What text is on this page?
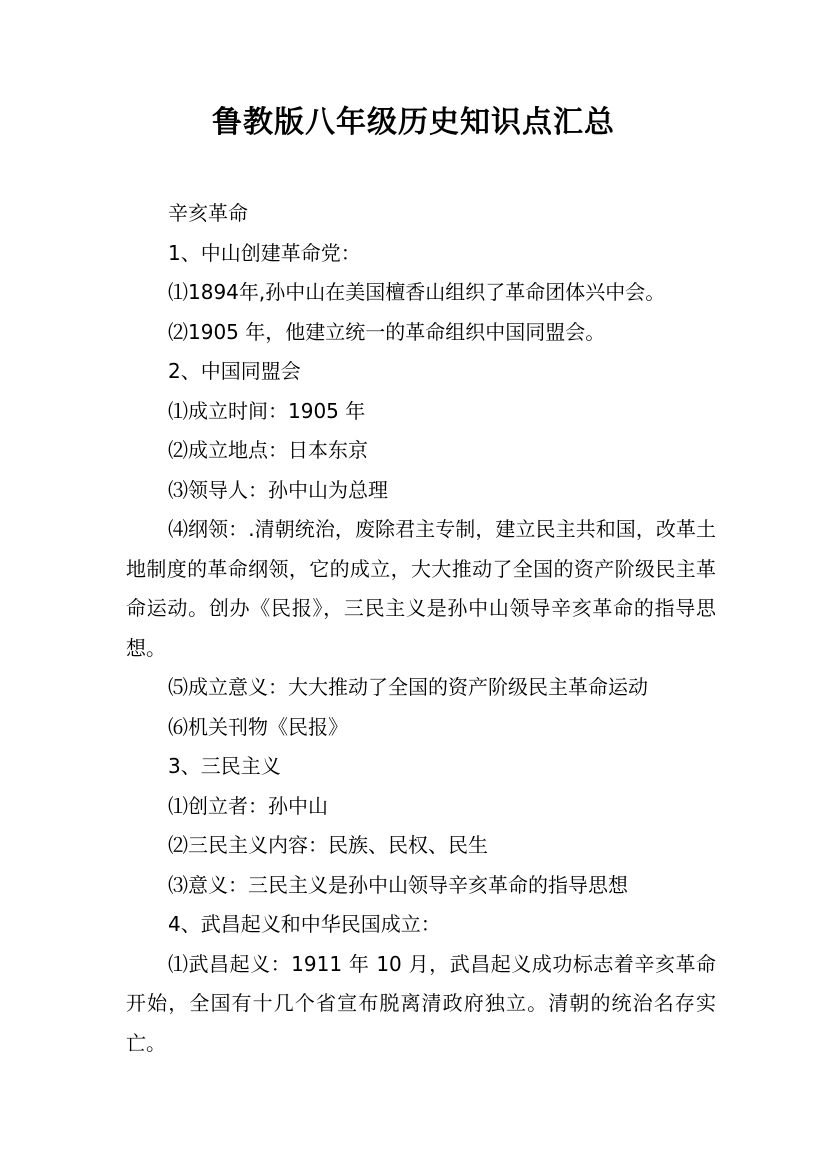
鲁教版八年级历史知识点汇总
辛亥革命
1、中山创建革命党：
⑴1894年,孙中山在美国檀香山组织了革命团体兴中会。
⑵1905 年，他建立统一的革命组织中国同盟会。
2、中国同盟会
⑴成立时间：1905 年
⑵成立地点：日本东京
⑶领导人：孙中山为总理
⑷纲领：.清朝统治，废除君主专制，建立民主共和国，改革土地制度的革命纲领，它的成立，大大推动了全国的资产阶级民主革命运动。创办《民报》，三民主义是孙中山领导辛亥革命的指导思想。
⑸成立意义：大大推动了全国的资产阶级民主革命运动
⑹机关刊物《民报》
3、三民主义
⑴创立者：孙中山
⑵三民主义内容：民族、民权、民生
⑶意义：三民主义是孙中山领导辛亥革命的指导思想
4、武昌起义和中华民国成立：
⑴武昌起义：1911 年 10 月，武昌起义成功标志着辛亥革命开始，全国有十几个省宣布脱离清政府独立。清朝的统治名存实亡。
